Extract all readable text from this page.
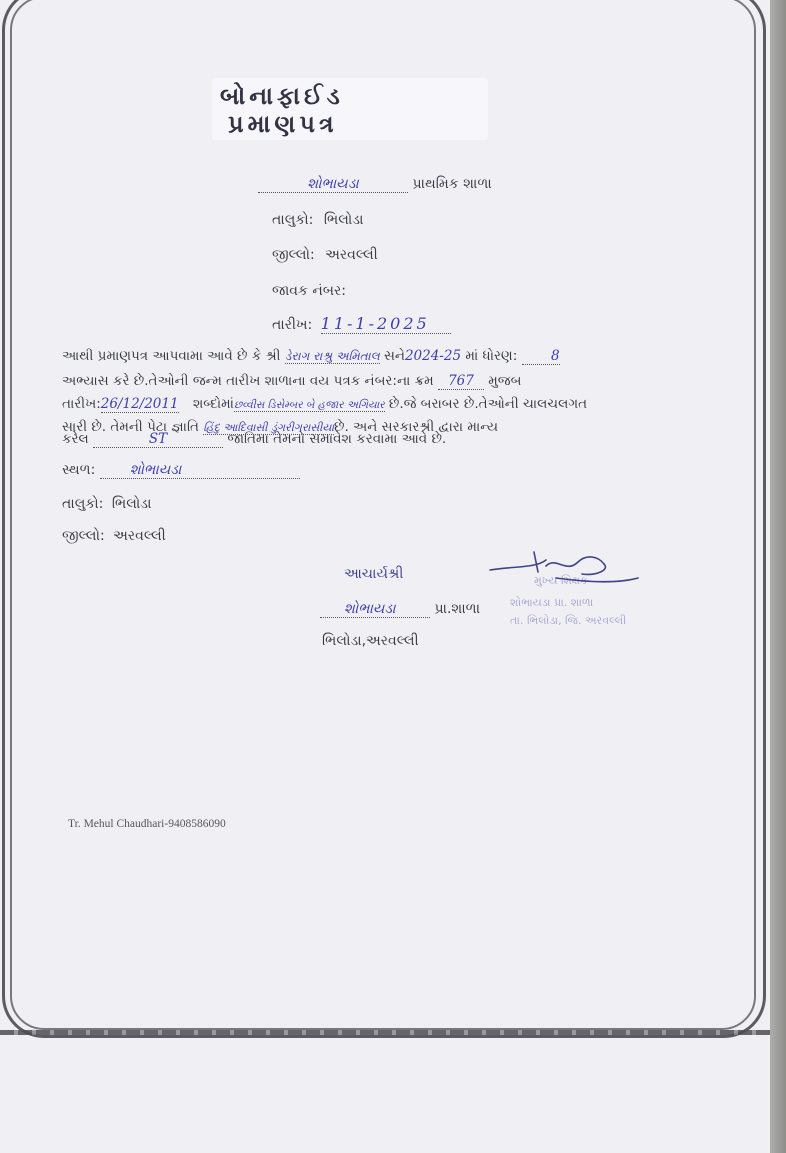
બોનાફાઈડ
પ્રમાણપત્ર
શોભાયડા	પ્રાથમિક શાળા
તાલુકો: ભિલોડા
જીલ્લો: અરવલ્લી
જાવક નંબર:
તારીખ: 11-1-2025
આથી પ્રમાણપત્ર આપવામા આવે છે કે શ્રી ડેરાગ રાશ્રુ અમિતાલ સને2024-25 માં ધોરણ: 8
અભ્યાસ કરે છે.તેઓની જન્મ તારીખ શાળાના વય પત્રક નંબર:ના ક્રમ 767 મુજબ
તારીખ:26/12/2011 શબ્દોમાંછવ્વીસ ડિસેમ્બર બે હજાર અગિયાર છે.જે બરાબર છે.તેઓની ચાલચલગત
સારી છે. તેમની પેટા જ્ઞાતિ હિંદુ આદિવાસી ડુંગરીગરાસીયાછે. અને સરકારશ્રી દ્વારા માન્ય
કરેલ	ST	જાતિમા તેમનો સમાવેશ કરવામા આવે છે.
સ્થળ: શોભાયડા
તાલુકો: ભિલોડા
જીલ્લો: અરવલ્લી
આચાર્યશ્રી
શોભાયડા	પ્રા.શાળા
ભિલોડા,અરવલ્લી
મુખ્ય શિક્ષક
શોભાયડા પ્રા. શાળા
તા. ભિલોડા, જિ. અરવલ્લી
Tr. Mehul Chaudhari-9408586090
